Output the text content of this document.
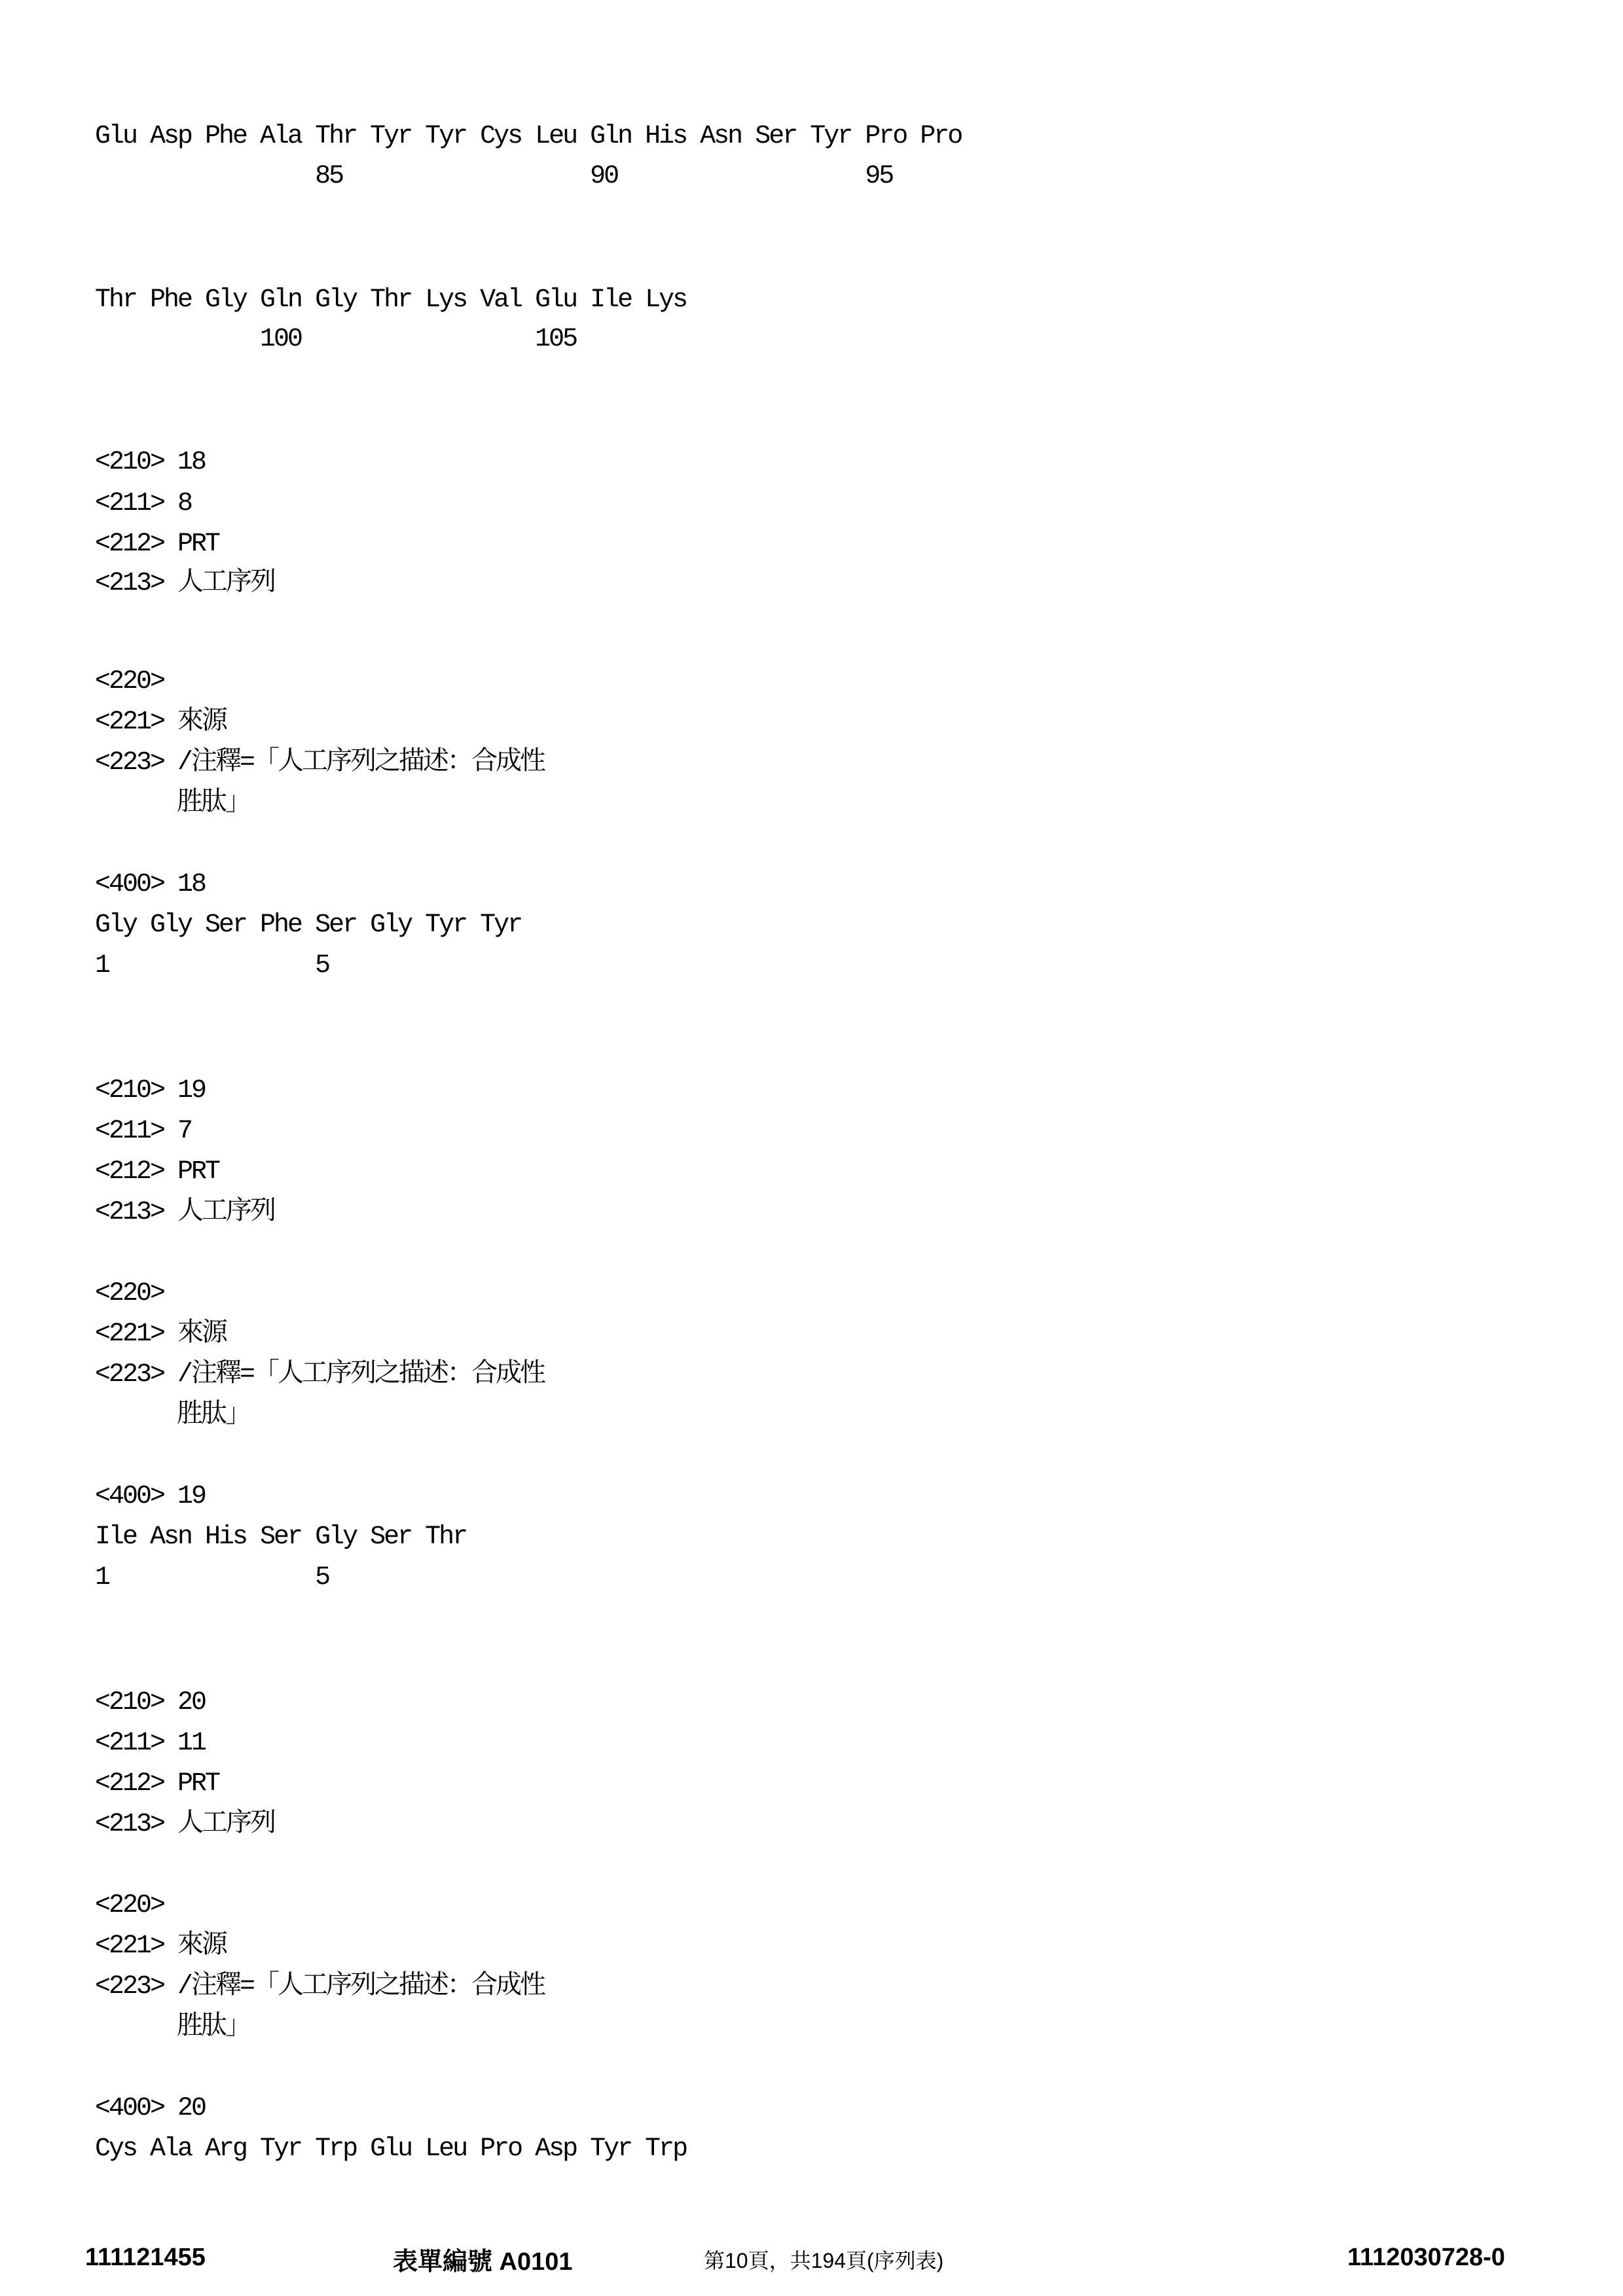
Glu Asp Phe Ala Thr Tyr Tyr Cys Leu Gln His Asn Ser Tyr Pro Pro
85                  90                  95
Thr Phe Gly Gln Gly Thr Lys Val Glu Ile Lys
100                 105
<210> 18
<211> 8
<212> PRT
<213> 人工序列
<220>
<221> 來源
<223> /注釋=「人工序列之描述：合成性
胜肽」
<400> 18
Gly Gly Ser Phe Ser Gly Tyr Tyr
1               5
<210> 19
<211> 7
<212> PRT
<213> 人工序列
<220>
<221> 來源
<223> /注釋=「人工序列之描述：合成性
胜肽」
<400> 19
Ile Asn His Ser Gly Ser Thr
1               5
<210> 20
<211> 11
<212> PRT
<213> 人工序列
<220>
<221> 來源
<223> /注釋=「人工序列之描述：合成性
胜肽」
<400> 20
Cys Ala Arg Tyr Trp Glu Leu Pro Asp Tyr Trp
111121455	表單編號 A0101	第10頁，共194頁(序列表)	1112030728-0
